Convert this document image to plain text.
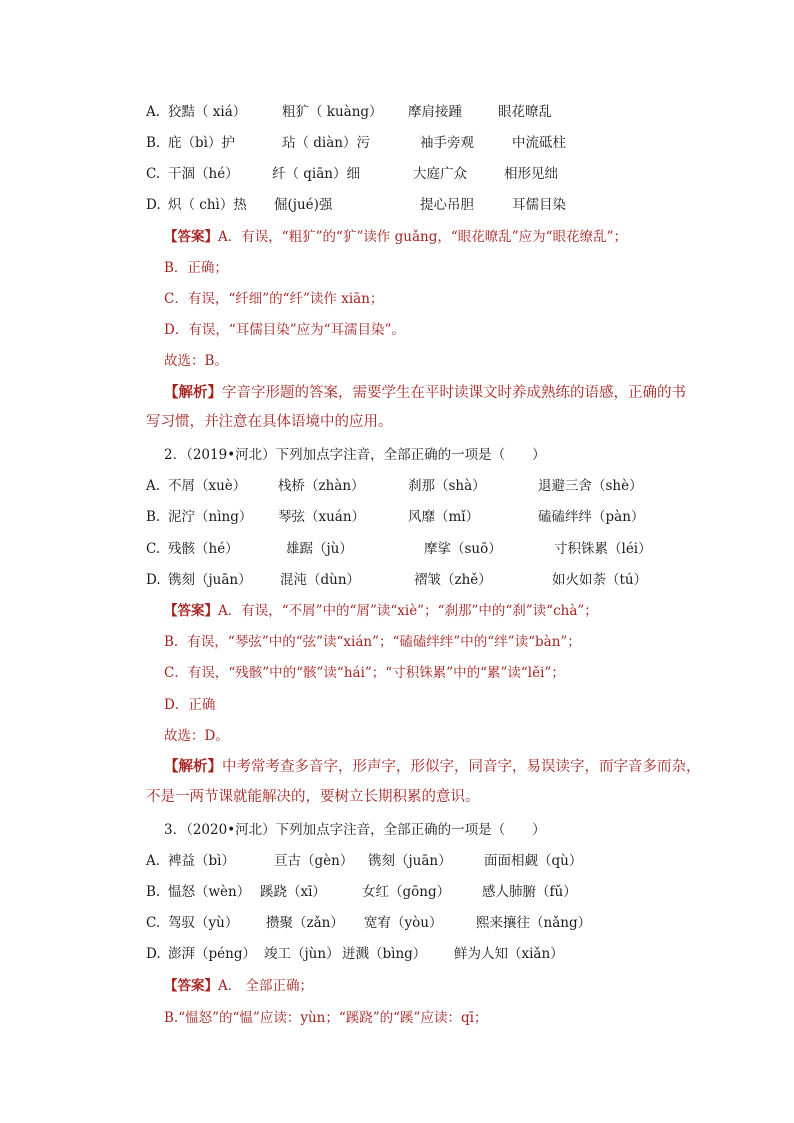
A. 狡黠（ xiá）	粗犷（ kuàng） 摩肩接踵	眼花暸乱
B. 庇（bì）护	玷（ diàn）污	袖手旁观	中流砥柱
C. 干涸（hé） 纤（ qiān）细	大庭广众	相形见绌
D. 炽（ chì）热 倔(jué)强	提心吊胆	耳儒目染
【答案】A．有误，“粗犷”的“犷”读作 guǎng，“眼花暸乱”应为“眼花缭乱”；
B．正确；
C．有误，“纤细”的“纤”读作 xiān；
D．有误，“耳儒目染”应为“耳濡目染”。
故选：B。
【解析】字音字形题的答案，需要学生在平时读课文时养成熟练的语感，正确的书
写习惯，并注意在具体语境中的应用。
2．（2019•河北）下列加点字注音，全部正确的一项是（　　）
A. 不屑（xuè） 栈桥（zhàn）	刹那（shà）	退避三舍（shè）
B. 泥泞（nìng） 琴弦（xuán）	风靡（mǐ）	磕磕绊绊（pàn）
C. 残骸（hé）	雄踞（jù）	摩挲（suō）	寸积铢累（léi）
D. 镌刻（juān） 混沌（dùn）	褶皱（zhě）	如火如荼（tú）
【答案】A．有误，“不屑”中的“屑”读“xiè”；“刹那”中的“刹”读“chà”；
B．有误，“琴弦”中的“弦”读“xián”；“磕磕绊绊”中的“绊”读“bàn”；
C．有误，“残骸”中的“骸”读“hái”；“寸积铢累”中的“累”读“lěi”；
D．正确
故选：D。
【解析】中考常考查多音字，形声字，形似字，同音字，易误读字，而字音多而杂，
不是一两节课就能解决的，要树立长期积累的意识。
3．（2020•河北）下列加点字注音，全部正确的一项是（　　）
A. 裨益（bì）	亘古（gèn） 镌刻（juān） 面面相觑（qù）
B. 愠怒（wèn） 蹊跷（xī）	女红（gōng） 感人肺腑（fǔ）
C. 驾驭（yù） 攒聚（zǎn） 宽宥（yòu） 熙来攘往（nǎng）
D. 澎湃（péng） 竣工（jùn） 迸溅（bìng） 鲜为人知（xiǎn）
【答案】A． 全部正确；
B.“愠怒”的“愠”应读：yùn；“蹊跷”的“蹊”应读：qī；
